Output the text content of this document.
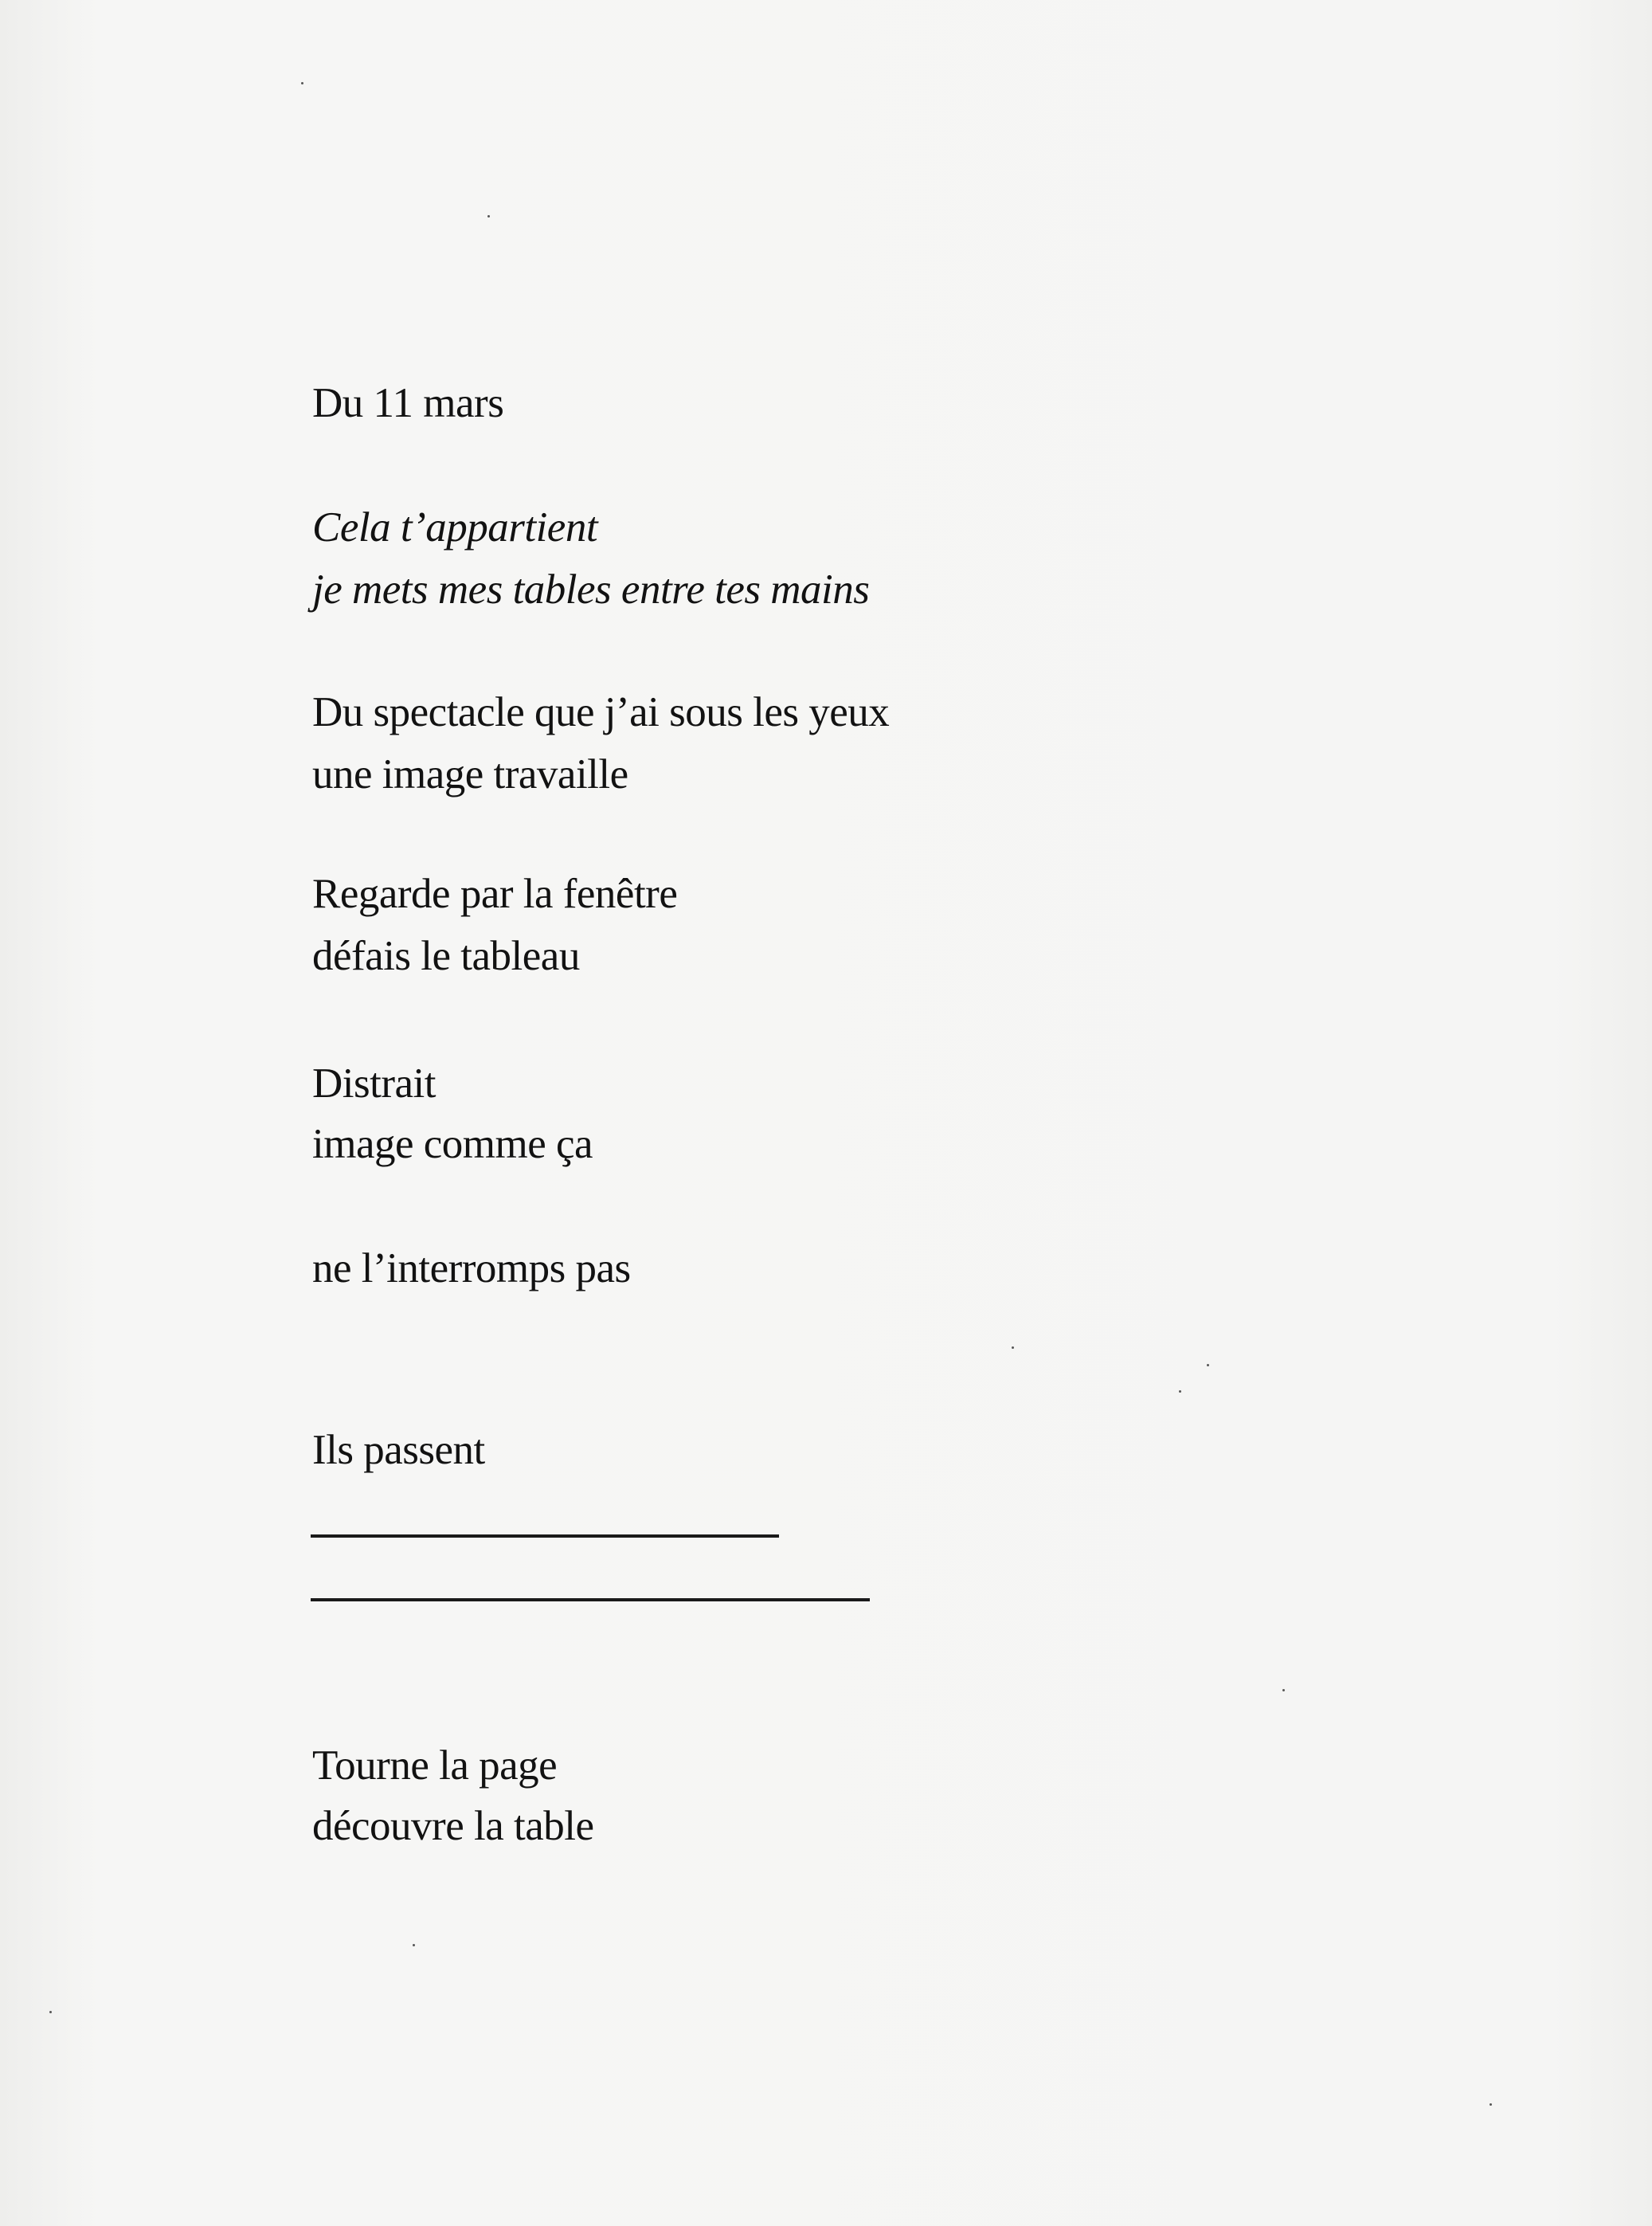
Du 11 mars
Cela t’appartient
je mets mes tables entre tes mains
Du spectacle que j’ai sous les yeux
une image travaille
Regarde par la fenêtre
défais le tableau
Distrait
image comme ça
ne l’interromps pas
Ils passent
Tourne la page
découvre la table
